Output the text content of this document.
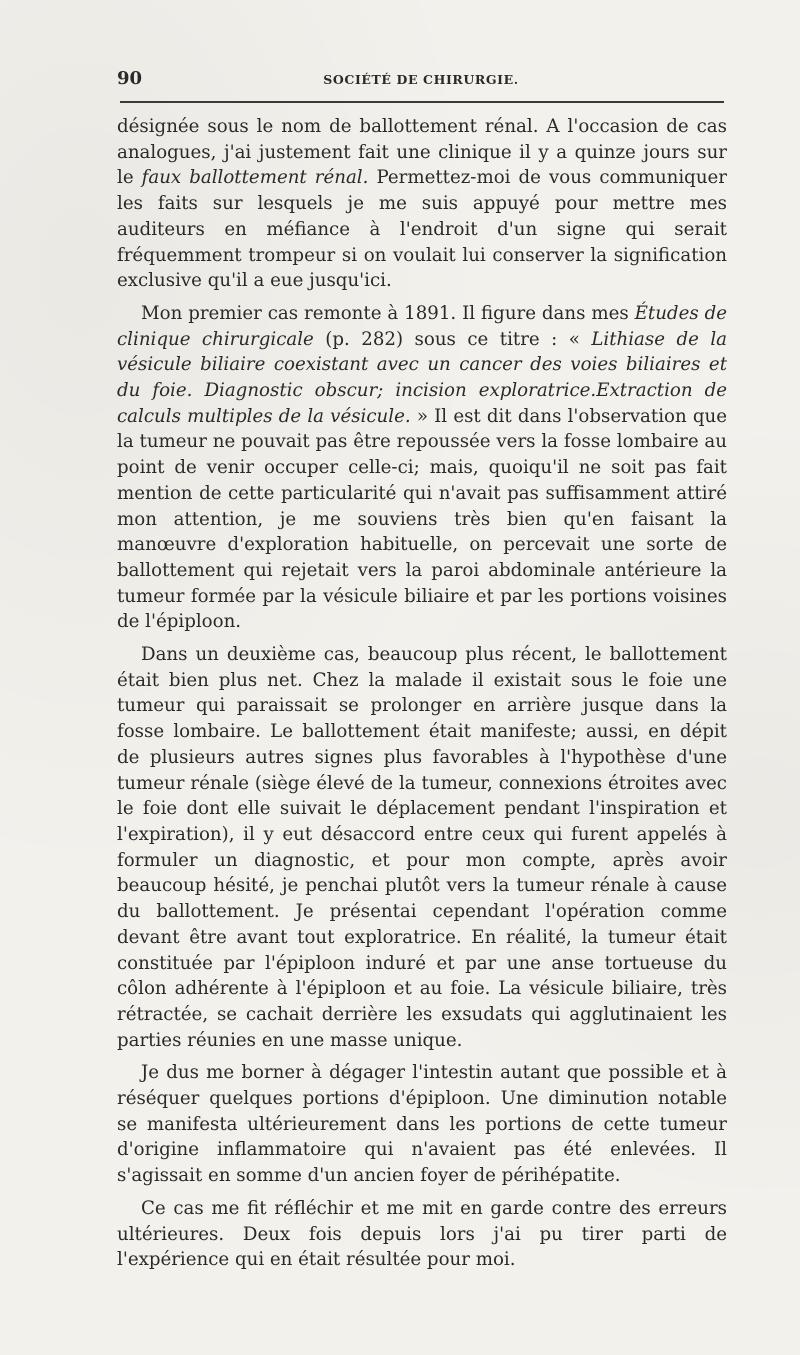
90	SOCIÉTÉ DE CHIRURGIE.

désignée sous le nom de ballottement rénal. A l'occasion de cas analogues, j'ai justement fait une clinique il y a quinze jours sur le faux ballottement rénal. Permettez-moi de vous communiquer les faits sur lesquels je me suis appuyé pour mettre mes auditeurs en méfiance à l'endroit d'un signe qui serait fréquemment trompeur si on voulait lui conserver la signification exclusive qu'il a eue jusqu'ici.

Mon premier cas remonte à 1891. Il figure dans mes Études de clinique chirurgicale (p. 282) sous ce titre : « Lithiase de la vésicule biliaire coexistant avec un cancer des voies biliaires et du foie. Diagnostic obscur; incision exploratrice.Extraction de calculs multiples de la vésicule. » Il est dit dans l'observation que la tumeur ne pouvait pas être repoussée vers la fosse lombaire au point de venir occuper celle-ci; mais, quoiqu'il ne soit pas fait mention de cette particularité qui n'avait pas suffisamment attiré mon attention, je me souviens très bien qu'en faisant la manœuvre d'exploration habituelle, on percevait une sorte de ballottement qui rejetait vers la paroi abdominale antérieure la tumeur formée par la vésicule biliaire et par les portions voisines de l'épiploon.

Dans un deuxième cas, beaucoup plus récent, le ballottement était bien plus net. Chez la malade il existait sous le foie une tumeur qui paraissait se prolonger en arrière jusque dans la fosse lombaire. Le ballottement était manifeste; aussi, en dépit de plusieurs autres signes plus favorables à l'hypothèse d'une tumeur rénale (siège élevé de la tumeur, connexions étroites avec le foie dont elle suivait le déplacement pendant l'inspiration et l'expiration), il y eut désaccord entre ceux qui furent appelés à formuler un diagnostic, et pour mon compte, après avoir beaucoup hésité, je penchai plutôt vers la tumeur rénale à cause du ballottement. Je présentai cependant l'opération comme devant être avant tout exploratrice. En réalité, la tumeur était constituée par l'épiploon induré et par une anse tortueuse du côlon adhérente à l'épiploon et au foie. La vésicule biliaire, très rétractée, se cachait derrière les exsudats qui agglutinaient les parties réunies en une masse unique.

Je dus me borner à dégager l'intestin autant que possible et à réséquer quelques portions d'épiploon. Une diminution notable se manifesta ultérieurement dans les portions de cette tumeur d'origine inflammatoire qui n'avaient pas été enlevées. Il s'agissait en somme d'un ancien foyer de périhépatite.

Ce cas me fit réfléchir et me mit en garde contre des erreurs ultérieures. Deux fois depuis lors j'ai pu tirer parti de l'expérience qui en était résultée pour moi.
